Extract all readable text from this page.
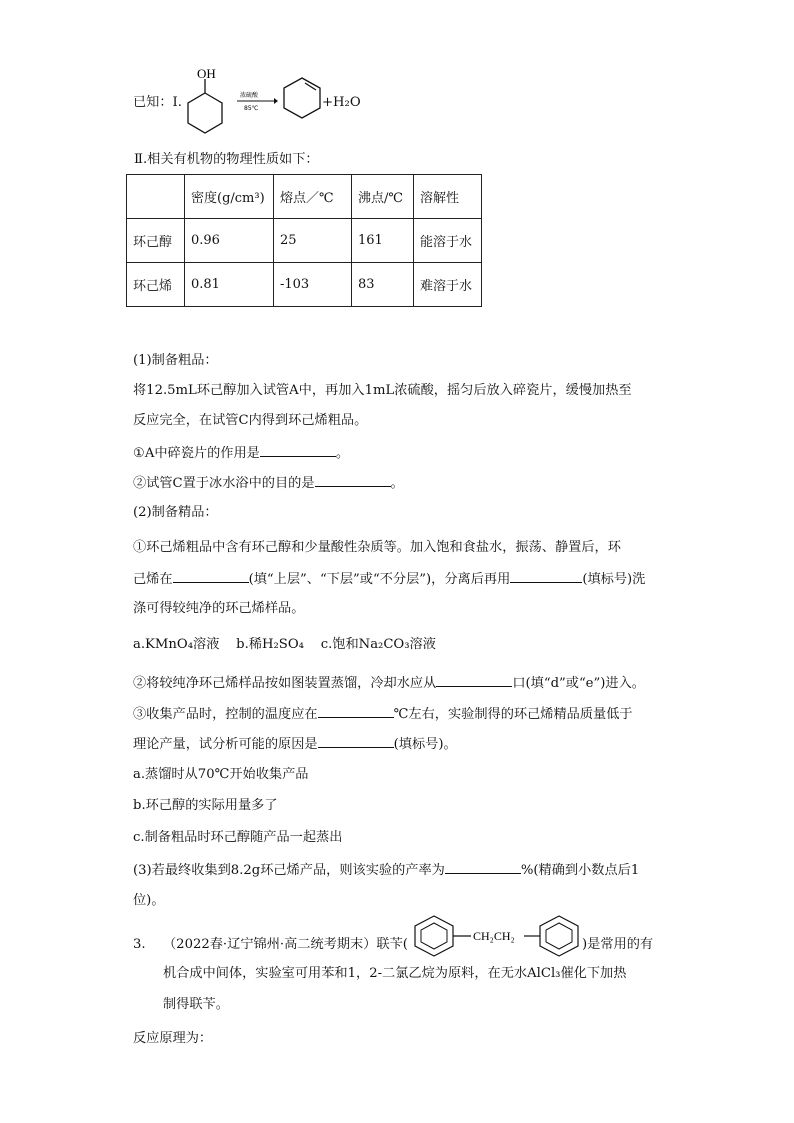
已知：Ⅰ.
OH
浓硫酸
85℃	+H₂O
Ⅱ.相关有机物的物理性质如下：
	密度(g/cm³)	熔点／℃	沸点/℃	溶解性
环己醇	0.96	25	161	能溶于水
环己烯	0.81	-103	83	难溶于水
(1)制备粗品：
将12.5mL环己醇加入试管A中，再加入1mL浓硫酸，摇匀后放入碎瓷片，缓慢加热至
反应完全，在试管C内得到环己烯粗品。
①A中碎瓷片的作用是	。
②试管C置于冰水浴中的目的是	。
(2)制备精品：
①环己烯粗品中含有环己醇和少量酸性杂质等。加入饱和食盐水，振荡、静置后，环
己烯在	(填“上层”、“下层”或“不分层”)，分离后再用	(填标号)洗
涤可得较纯净的环己烯样品。
a.KMnO₄溶液 b.稀H₂SO₄ c.饱和Na₂CO₃溶液
②将较纯净环己烯样品按如图装置蒸馏，冷却水应从	口(填“d”或“e”)进入。
③收集产品时，控制的温度应在	℃左右，实验制得的环己烯精品质量低于
理论产量，试分析可能的原因是	(填标号)。
a.蒸馏时从70℃开始收集产品
b.环己醇的实际用量多了
c.制备粗品时环己醇随产品一起蒸出
(3)若最终收集到8.2g环己烯产品，则该实验的产率为	%(精确到小数点后1
位)。
3. （2022春·辽宁锦州·高二统考期末）联苄(
CH₂CH₂
)是常用的有
机合成中间体，实验室可用苯和1，2-二氯乙烷为原料，在无水AlCl₃催化下加热
制得联苄。
反应原理为：
